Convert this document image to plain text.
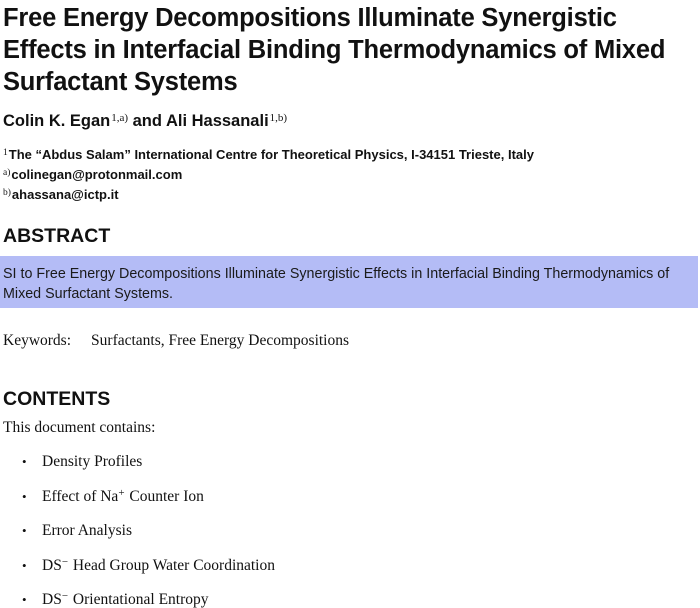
Free Energy Decompositions Illuminate Synergistic Effects in Interfacial Binding Thermodynamics of Mixed Surfactant Systems
Colin K. Egan$^{1,a)}$ and Ali Hassanali$^{1,b)}$
$^1$The “Abdus Salam” International Centre for Theoretical Physics, I-34151 Trieste, Italy
$^{a)}$colinegan@protonmail.com
$^{b)}$ahassana@ictp.it
ABSTRACT
SI to Free Energy Decompositions Illuminate Synergistic Effects in Interfacial Binding Thermodynamics of Mixed Surfactant Systems.
Keywords: Surfactants, Free Energy Decompositions
CONTENTS
This document contains:
• Density Profiles
• Effect of Na+ Counter Ion
• Error Analysis
• DS− Head Group Water Coordination
• DS− Orientational Entropy
